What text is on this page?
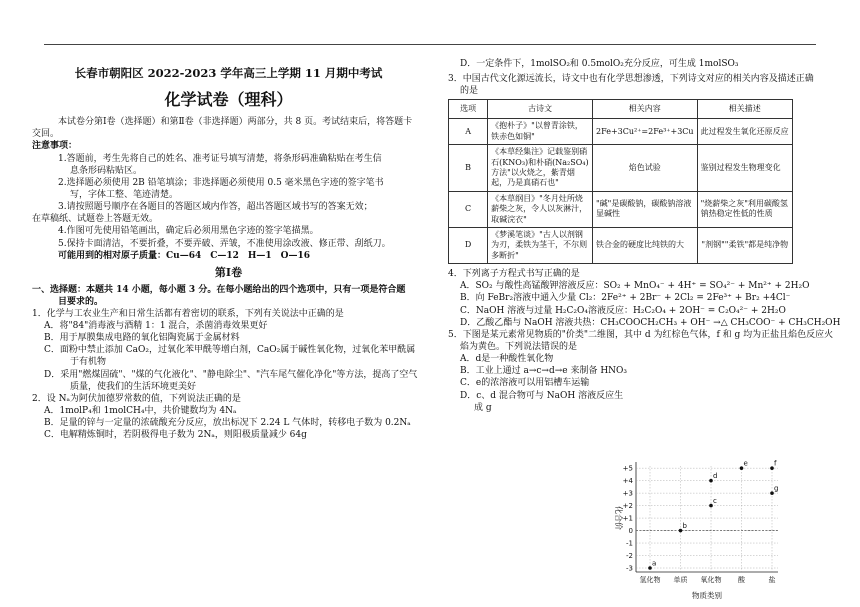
长春市朝阳区 2022-2023 学年高三上学期 11 月期中考试

化学试卷（理科）

本试卷分第Ⅰ卷（选择题）和第Ⅱ卷（非选择题）两部分，共 8 页。考试结束后，将答题卡

交回。

注意事项：

1.答题前，考生先将自己的姓名、准考证号填写清楚，将条形码准确粘贴在考生信

息条形码粘贴区。

2.选择题必须使用 2B 铅笔填涂；非选择题必须使用 0.5 毫米黑色字迹的签字笔书

写，字体工整、笔迹清楚。

3.请按照题号顺序在各题目的答题区域内作答，超出答题区域书写的答案无效；

在草稿纸、试题卷上答题无效。

4.作图可先使用铅笔画出，确定后必须用黑色字迹的签字笔描黑。

5.保持卡面清洁，不要折叠，不要弄破、弄皱，不准使用涂改液、修正带、刮纸刀。

可能用到的相对原子质量：Cu—64　C—12　H—1　O—16

第Ⅰ卷

一、选择题：本题共 14 小题，每小题 3 分。在每小题给出的四个选项中，只有一项是符合题

目要求的。

1．化学与工农业生产和日常生活都有着密切的联系，下列有关说法中正确的是

A．将"84"消毒液与酒精 1：1 混合，杀菌消毒效果更好

B．用于厚膜集成电路的氧化铝陶瓷属于金属材料

C．面粉中禁止添加 CaO₂，过氧化苯甲酰等增白剂，CaO₂属于碱性氧化物，过氧化苯甲酰属

于有机物

D．采用"燃煤固硫"、"煤的气化液化"、"静电除尘"、"汽车尾气催化净化"等方法，提高了空气

质量，使我们的生活环境更美好

2．设 Nₐ为阿伏加德罗常数的值，下列说法正确的是

A．1molP₄和 1molCH₄中，共价键数均为 4Nₐ

B．足量的锌与一定量的浓硫酸充分反应，放出标况下 2.24 L 气体时，转移电子数为 0.2Nₐ

C．电解精炼铜时，若阴极得电子数为 2Nₐ，则阳极质量减少 64g

D．一定条件下，1molSO₂和 0.5molO₂充分反应，可生成 1molSO₃

3．中国古代文化源远流长，诗文中也有化学思想渗透，下列诗文对应的相关内容及描述正确

的是

选项	古诗文	相关内容	相关描述
A	《抱朴子》"以曾青涂铁，铁赤色如铜"	2Fe+3Cu²⁺=2Fe³⁺+3Cu	此过程发生氧化还原反应
B	《本草经集注》记载鉴别硝石(KNO₃)和朴硝(Na₂SO₄)方法"以火烧之，紫青烟起，乃是真硝石也"	焰色试验	鉴别过程发生物理变化
C	《本草纲目》"冬月灶所烧薪柴之灰，令人以灰淋汁，取碱浣衣"	"碱"是碳酸钠，碳酸钠溶液显碱性	"烧薪柴之灰"利用碳酸氢钠热稳定性低的性质
D	《梦溪笔谈》"古人以剂钢为刃，柔铁为茎干，不尔则多断折"	铁合金的硬度比纯铁的大	"剂钢""柔铁"都是纯净物

4．下列离子方程式书写正确的是

A．SO₂ 与酸性高锰酸钾溶液反应：SO₂ + MnO₄⁻ + 4H⁺ = SO₄²⁻ + Mn²⁺ + 2H₂O

B．向 FeBr₂溶液中通入少量 Cl₂：2Fe²⁺ + 2Br⁻ + 2Cl₂ = 2Fe³⁺ + Br₂ +4Cl⁻

C．NaOH 溶液与过量 H₂C₂O₄溶液反应：H₂C₂O₄ + 2OH⁻ = C₂O₄²⁻ + 2H₂O

D．乙酸乙酯与 NaOH 溶液共热：CH₃COOCH₂CH₃ + OH⁻ →△ CH₃COO⁻ + CH₃CH₂OH

5．下图是某元素常见物质的"价类"二维图，其中 d 为红棕色气体，f 和 g 均为正盐且焰色反应火

焰为黄色。下列说法错误的是

A．d是一种酸性氧化物

B．工业上通过 a→c→d→e 来制备 HNO₃

C．e的浓溶液可以用铝槽车运输

D．c、d 混合物可与 NaOH 溶液反应生

成 g

+5
+4
+3
+2
+1
0
-1
-2
-3
氢化物 单质 氧化物 酸	盐
化合价
物质类别
a
b
c
d
e	f
g
